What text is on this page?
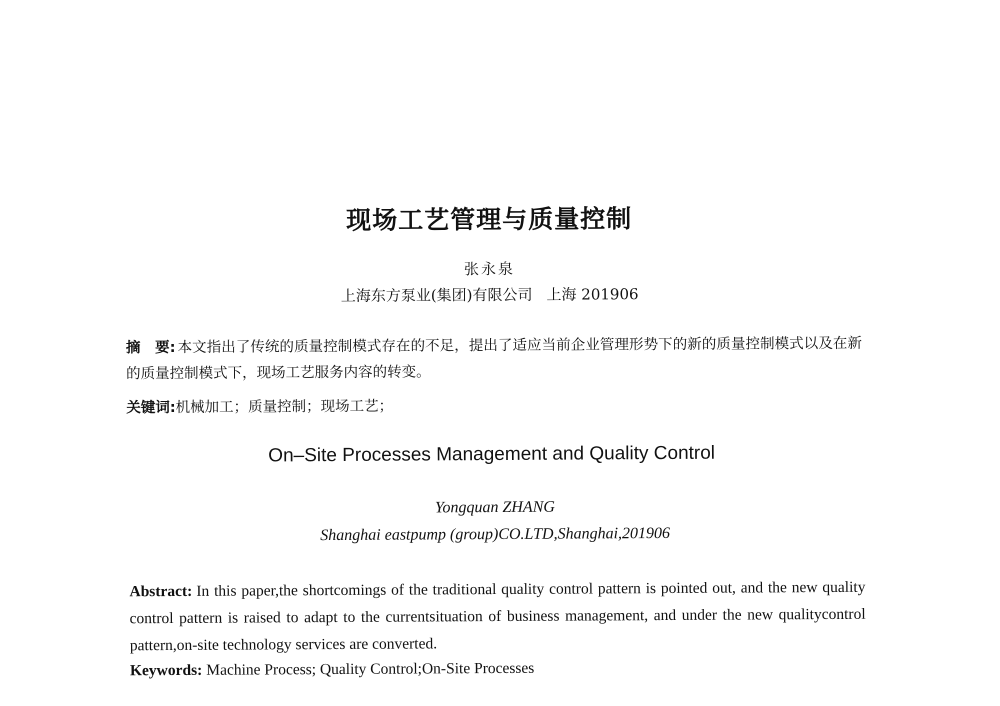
现场工艺管理与质量控制
张永泉
上海东方泵业(集团)有限公司 上海 201906
摘　要: 本文指出了传统的质量控制模式存在的不足，提出了适应当前企业管理形势下的新的质量控制模式以及在新的质量控制模式下，现场工艺服务内容的转变。
关键词:机械加工；质量控制；现场工艺；
On–Site Processes Management and Quality Control
Yongquan ZHANG
Shanghai eastpump (group)CO.LTD,Shanghai,201906
Abstract: In this paper,the shortcomings of the traditional quality control pattern is pointed out, and the new quality control pattern is raised to adapt to the currentsituation of business management, and under the new qualitycontrol pattern,on-site technology services are converted.
Keywords: Machine Process; Quality Control;On-Site Processes
